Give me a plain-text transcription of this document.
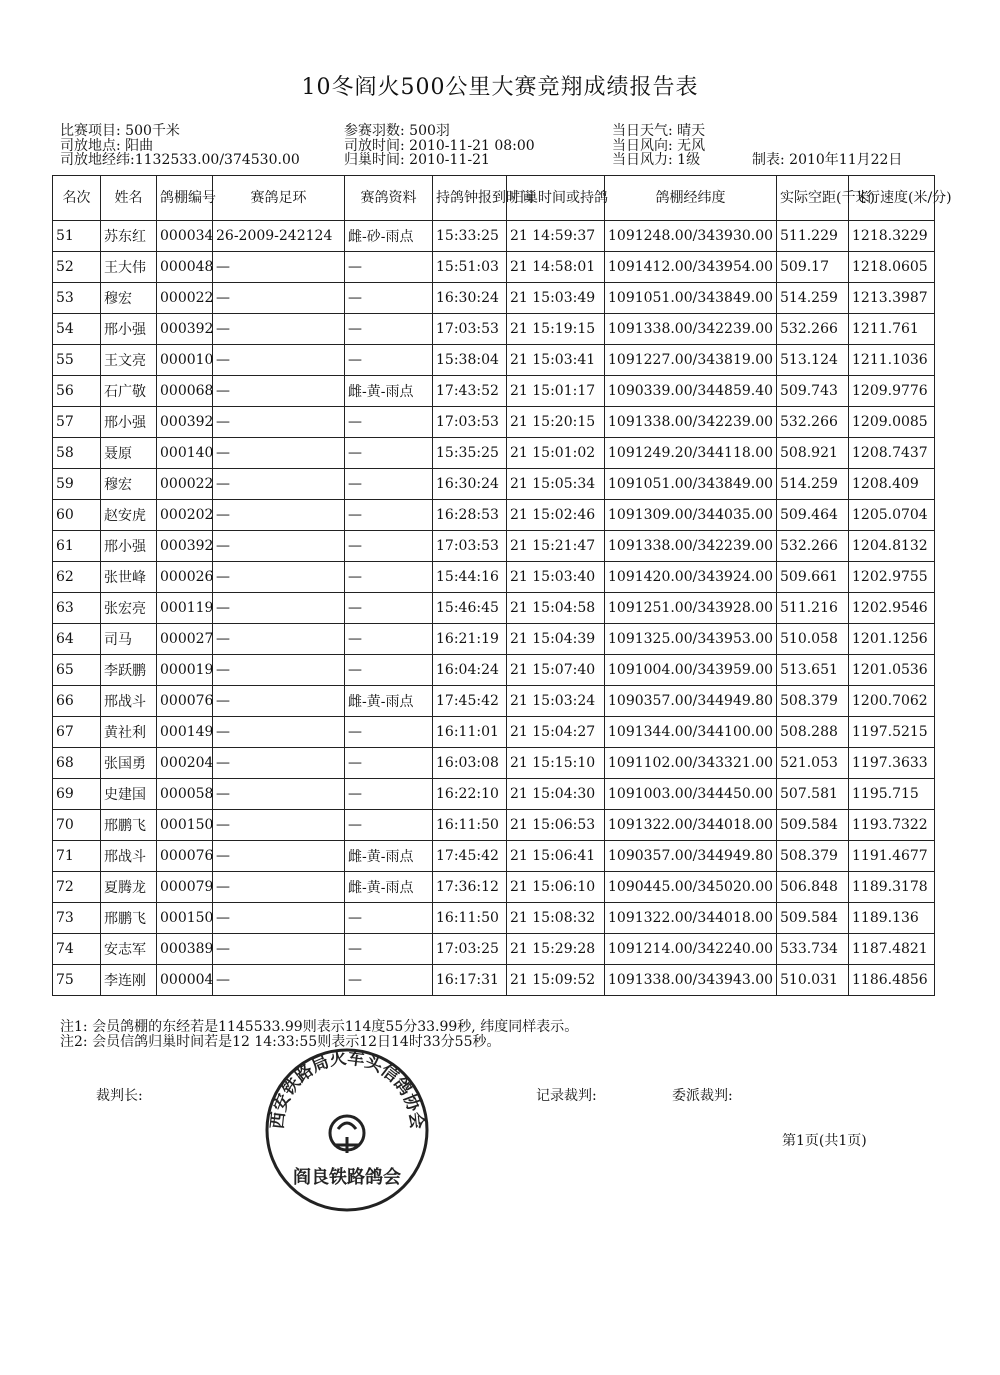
10冬阎火500公里大赛竞翔成绩报告表
比赛项目: 500千米
司放地点: 阳曲
司放地经纬:1132533.00/374530.00
参赛羽数: 500羽
司放时间: 2010-11-21 08:00
归巢时间: 2010-11-21
当日天气: 晴天
当日风向: 无风
当日风力: 1级	制表: 2010年11月22日
名次	姓名	鸽棚编号	赛鸽足环	赛鸽资料	持鸽钟报到时间	归巢时间或持鸽	鸽棚经纬度	实际空距(千米)	飞行速度(米/分)
51	苏东红	000034	26-2009-242124	雌-砂-雨点	15:33:25	21 14:59:37	1091248.00/343930.00	511.229	1218.3229
52	王大伟	000048	—	—	15:51:03	21 14:58:01	1091412.00/343954.00	509.17	1218.0605
53	穆宏	000022	—	—	16:30:24	21 15:03:49	1091051.00/343849.00	514.259	1213.3987
54	邢小强	000392	—	—	17:03:53	21 15:19:15	1091338.00/342239.00	532.266	1211.761
55	王文亮	000010	—	—	15:38:04	21 15:03:41	1091227.00/343819.00	513.124	1211.1036
56	石广敬	000068	—	雌-黄-雨点	17:43:52	21 15:01:17	1090339.00/344859.40	509.743	1209.9776
57	邢小强	000392	—	—	17:03:53	21 15:20:15	1091338.00/342239.00	532.266	1209.0085
58	聂原	000140	—	—	15:35:25	21 15:01:02	1091249.20/344118.00	508.921	1208.7437
59	穆宏	000022	—	—	16:30:24	21 15:05:34	1091051.00/343849.00	514.259	1208.409
60	赵安虎	000202	—	—	16:28:53	21 15:02:46	1091309.00/344035.00	509.464	1205.0704
61	邢小强	000392	—	—	17:03:53	21 15:21:47	1091338.00/342239.00	532.266	1204.8132
62	张世峰	000026	—	—	15:44:16	21 15:03:40	1091420.00/343924.00	509.661	1202.9755
63	张宏亮	000119	—	—	15:46:45	21 15:04:58	1091251.00/343928.00	511.216	1202.9546
64	司马	000027	—	—	16:21:19	21 15:04:39	1091325.00/343953.00	510.058	1201.1256
65	李跃鹏	000019	—	—	16:04:24	21 15:07:40	1091004.00/343959.00	513.651	1201.0536
66	邢战斗	000076	—	雌-黄-雨点	17:45:42	21 15:03:24	1090357.00/344949.80	508.379	1200.7062
67	黄社利	000149	—	—	16:11:01	21 15:04:27	1091344.00/344100.00	508.288	1197.5215
68	张国勇	000204	—	—	16:03:08	21 15:15:10	1091102.00/343321.00	521.053	1197.3633
69	史建国	000058	—	—	16:22:10	21 15:04:30	1091003.00/344450.00	507.581	1195.715
70	邢鹏飞	000150	—	—	16:11:50	21 15:06:53	1091322.00/344018.00	509.584	1193.7322
71	邢战斗	000076	—	雌-黄-雨点	17:45:42	21 15:06:41	1090357.00/344949.80	508.379	1191.4677
72	夏腾龙	000079	—	雌-黄-雨点	17:36:12	21 15:06:10	1090445.00/345020.00	506.848	1189.3178
73	邢鹏飞	000150	—	—	16:11:50	21 15:08:32	1091322.00/344018.00	509.584	1189.136
74	安志军	000389	—	—	17:03:25	21 15:29:28	1091214.00/342240.00	533.734	1187.4821
75	李连刚	000004	—	—	16:17:31	21 15:09:52	1091338.00/343943.00	510.031	1186.4856
注1: 会员鸽棚的东经若是1145533.99则表示114度55分33.99秒, 纬度同样表示。
注2: 会员信鸽归巢时间若是12 14:33:55则表示12日14时33分55秒。
裁判长:	记录裁判:	委派裁判:
第1页(共1页)
西安铁路局火车头信鸽协会
阎良铁路鸽会
